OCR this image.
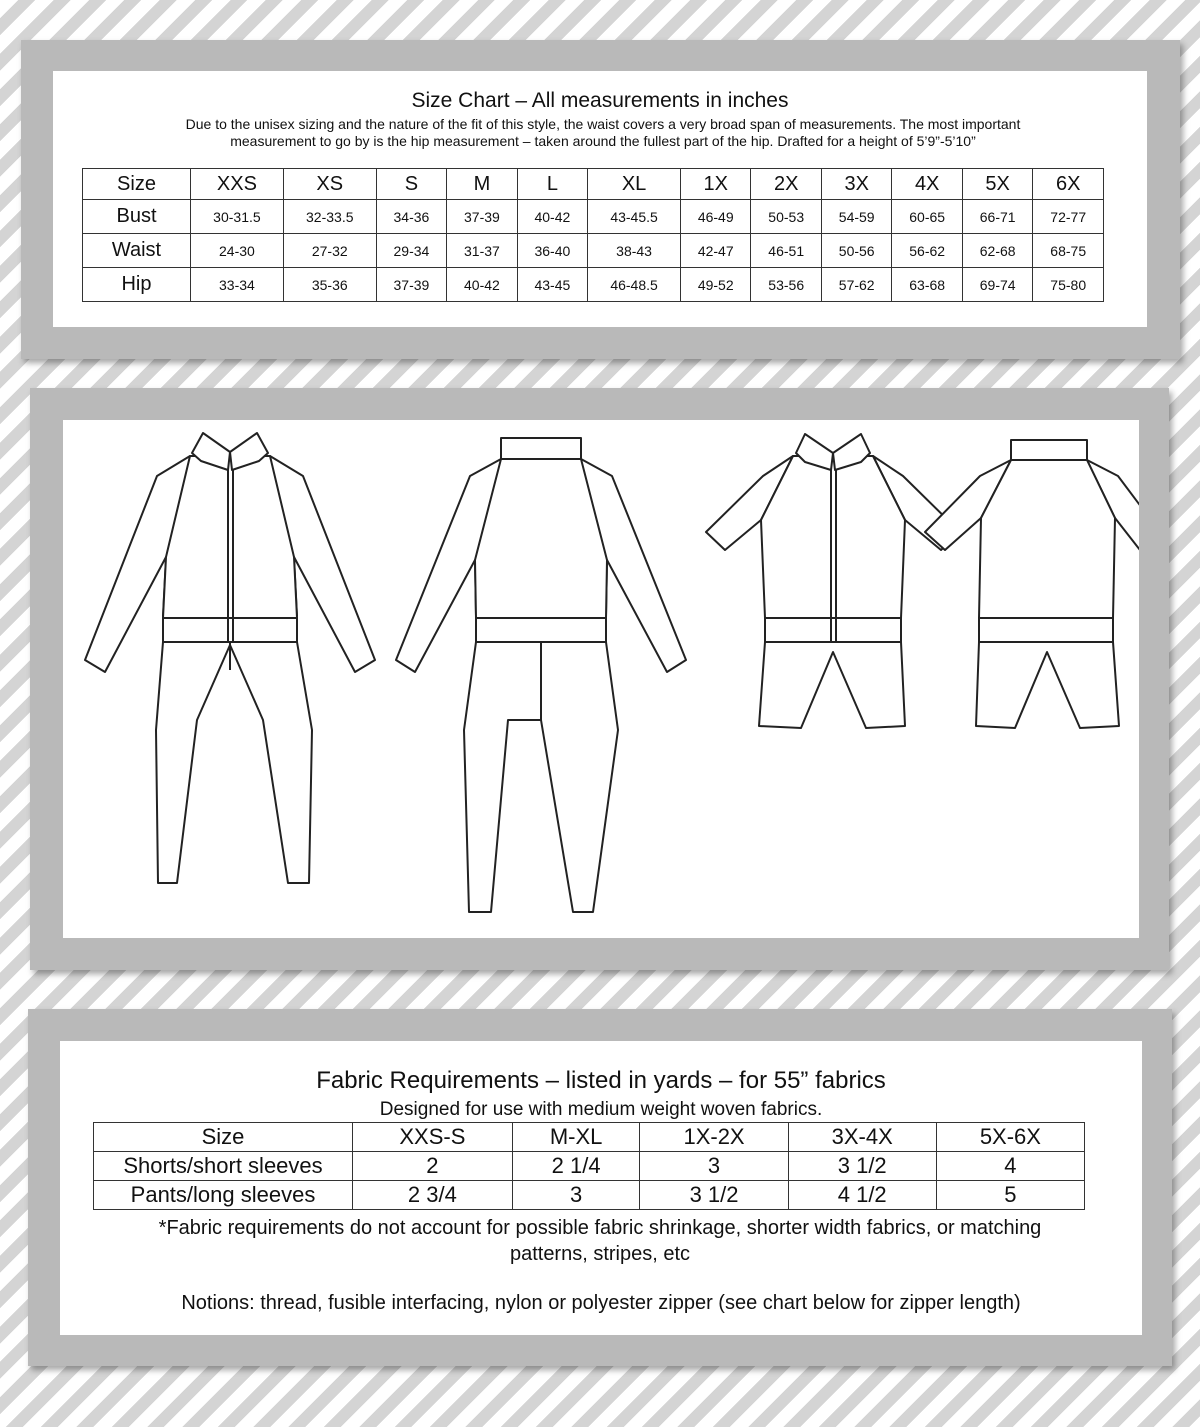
Size Chart – All measurements in inches
Due to the unisex sizing and the nature of the fit of this style, the waist covers a very broad span of measurements. The most important measurement to go by is the hip measurement – taken around the fullest part of the hip. Drafted for a height of 5’9”-5’10”
Size	XXS	XS	S	M	L	XL	1X	2X	3X	4X	5X	6X
Bust	30-31.5	32-33.5	34-36	37-39	40-42	43-45.5	46-49	50-53	54-59	60-65	66-71	72-77
Waist	24-30	27-32	29-34	31-37	36-40	38-43	42-47	46-51	50-56	56-62	62-68	68-75
Hip	33-34	35-36	37-39	40-42	43-45	46-48.5	49-52	53-56	57-62	63-68	69-74	75-80
Fabric Requirements – listed in yards – for 55” fabrics
Designed for use with medium weight woven fabrics.
Size	XXS-S	M-XL	1X-2X	3X-4X	5X-6X
Shorts/short sleeves	2	2 1/4	3	3 1/2	4
Pants/long sleeves	2 3/4	3	3 1/2	4 1/2	5
*Fabric requirements do not account for possible fabric shrinkage, shorter width fabrics, or matching patterns, stripes, etc
Notions: thread, fusible interfacing, nylon or polyester zipper (see chart below for zipper length)
